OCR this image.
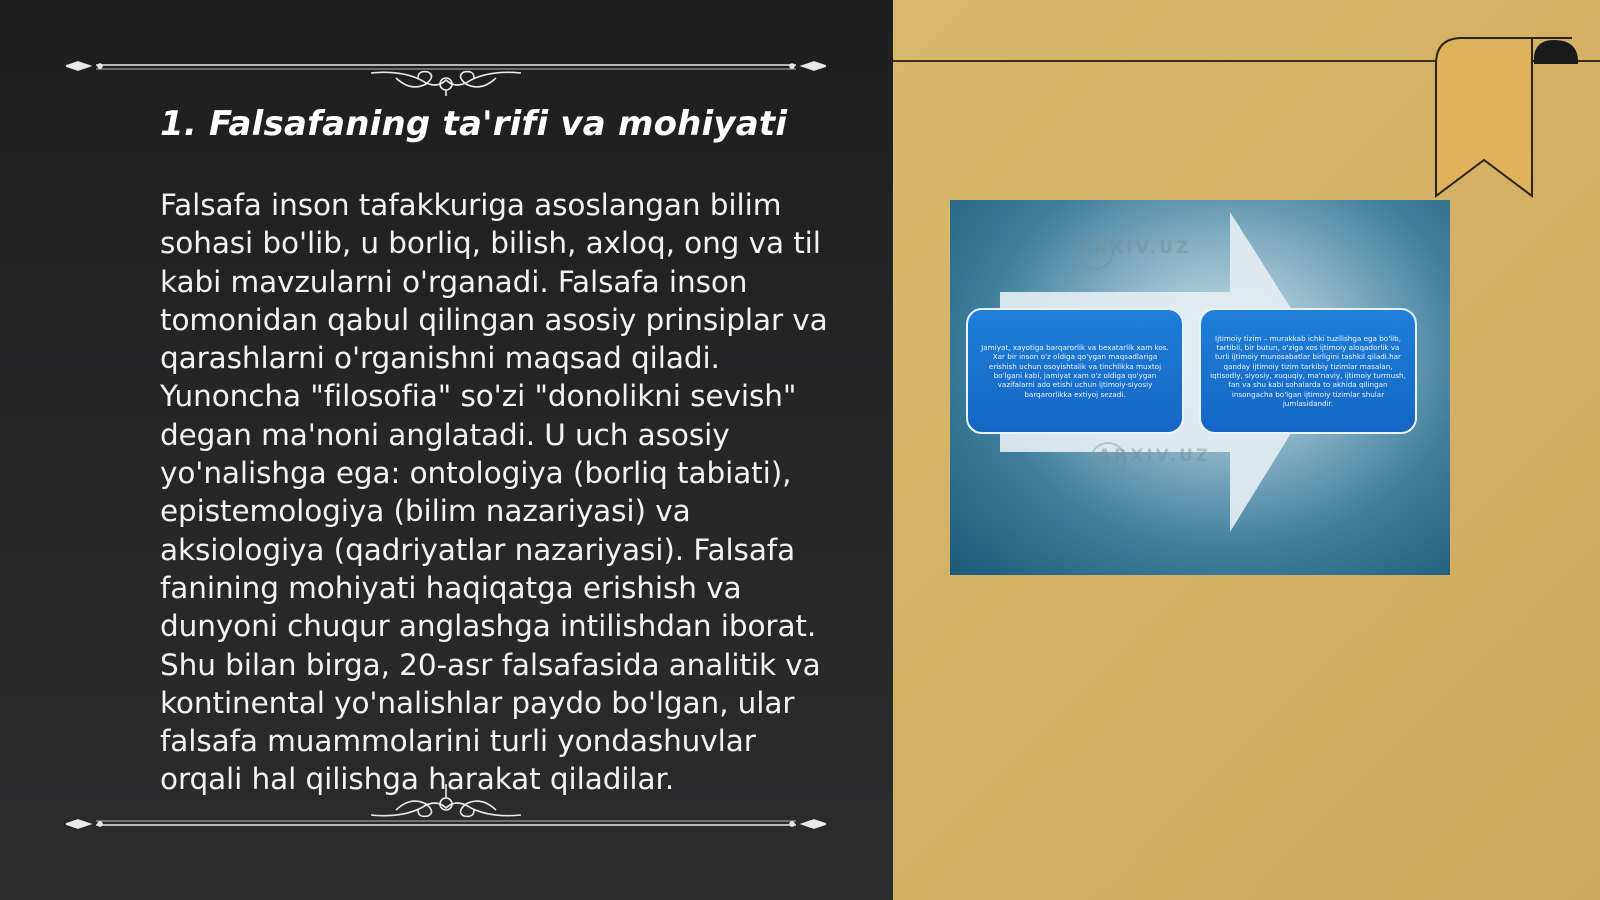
1. Falsafaning ta'rifi va mohiyati

Falsafa inson tafakkuriga asoslangan bilim sohasi bo'lib, u borliq, bilish, axloq, ong va til kabi mavzularni o'rganadi. Falsafa inson tomonidan qabul qilingan asosiy prinsiplar va qarashlarni o'rganishni maqsad qiladi. Yunoncha "filosofia" so'zi "donolikni sevish" degan ma'noni anglatadi. U uch asosiy yo'nalishga ega: ontologiya (borliq tabiati), epistemologiya (bilim nazariyasi) va aksiologiya (qadriyatlar nazariyasi). Falsafa fanining mohiyati haqiqatga erishish va dunyoni chuqur anglashga intilishdan iborat. Shu bilan birga, 20-asr falsafasida analitik va kontinental yo'nalishlar paydo bo'lgan, ular falsafa muammolarini turli yondashuvlar orqali hal qilishga harakat qiladilar.

ARXIV.UZ
ARXIV.UZ
Jamiyat, xayotiga barqarorlik va bexatarlik xam kos. Xar bir inson o'z oldiga qo'ygan maqsadlariga erishish uchun osoyishtalik va tinchlikka muxtoj bo'lgani kabi, jamiyat xam o'z oldiga qo'ygan vazifalarni ado etishi uchun ijtimoiy-siyosiy barqarorlikka extiyoj sezadi.
Ijtimoiy tizim – murakkab ichki tuzilishga ega bo'lib, tartibli, bir butun, o'ziga xos ijtimoiy aloqadorlik va turli ijtimoiy munosabatlar birligini tashkil qiladi.har qanday ijtimoiy tizim tarkibiy tizimlar masalan, iqtisodiy, siyosiy, xuquqiy, ma'naviy, ijtimoiy turmush, fan va shu kabi sohalarda to akhida qilingan insongacha bo'lgan ijtimoiy tizimlar shular jumlasidandir.
